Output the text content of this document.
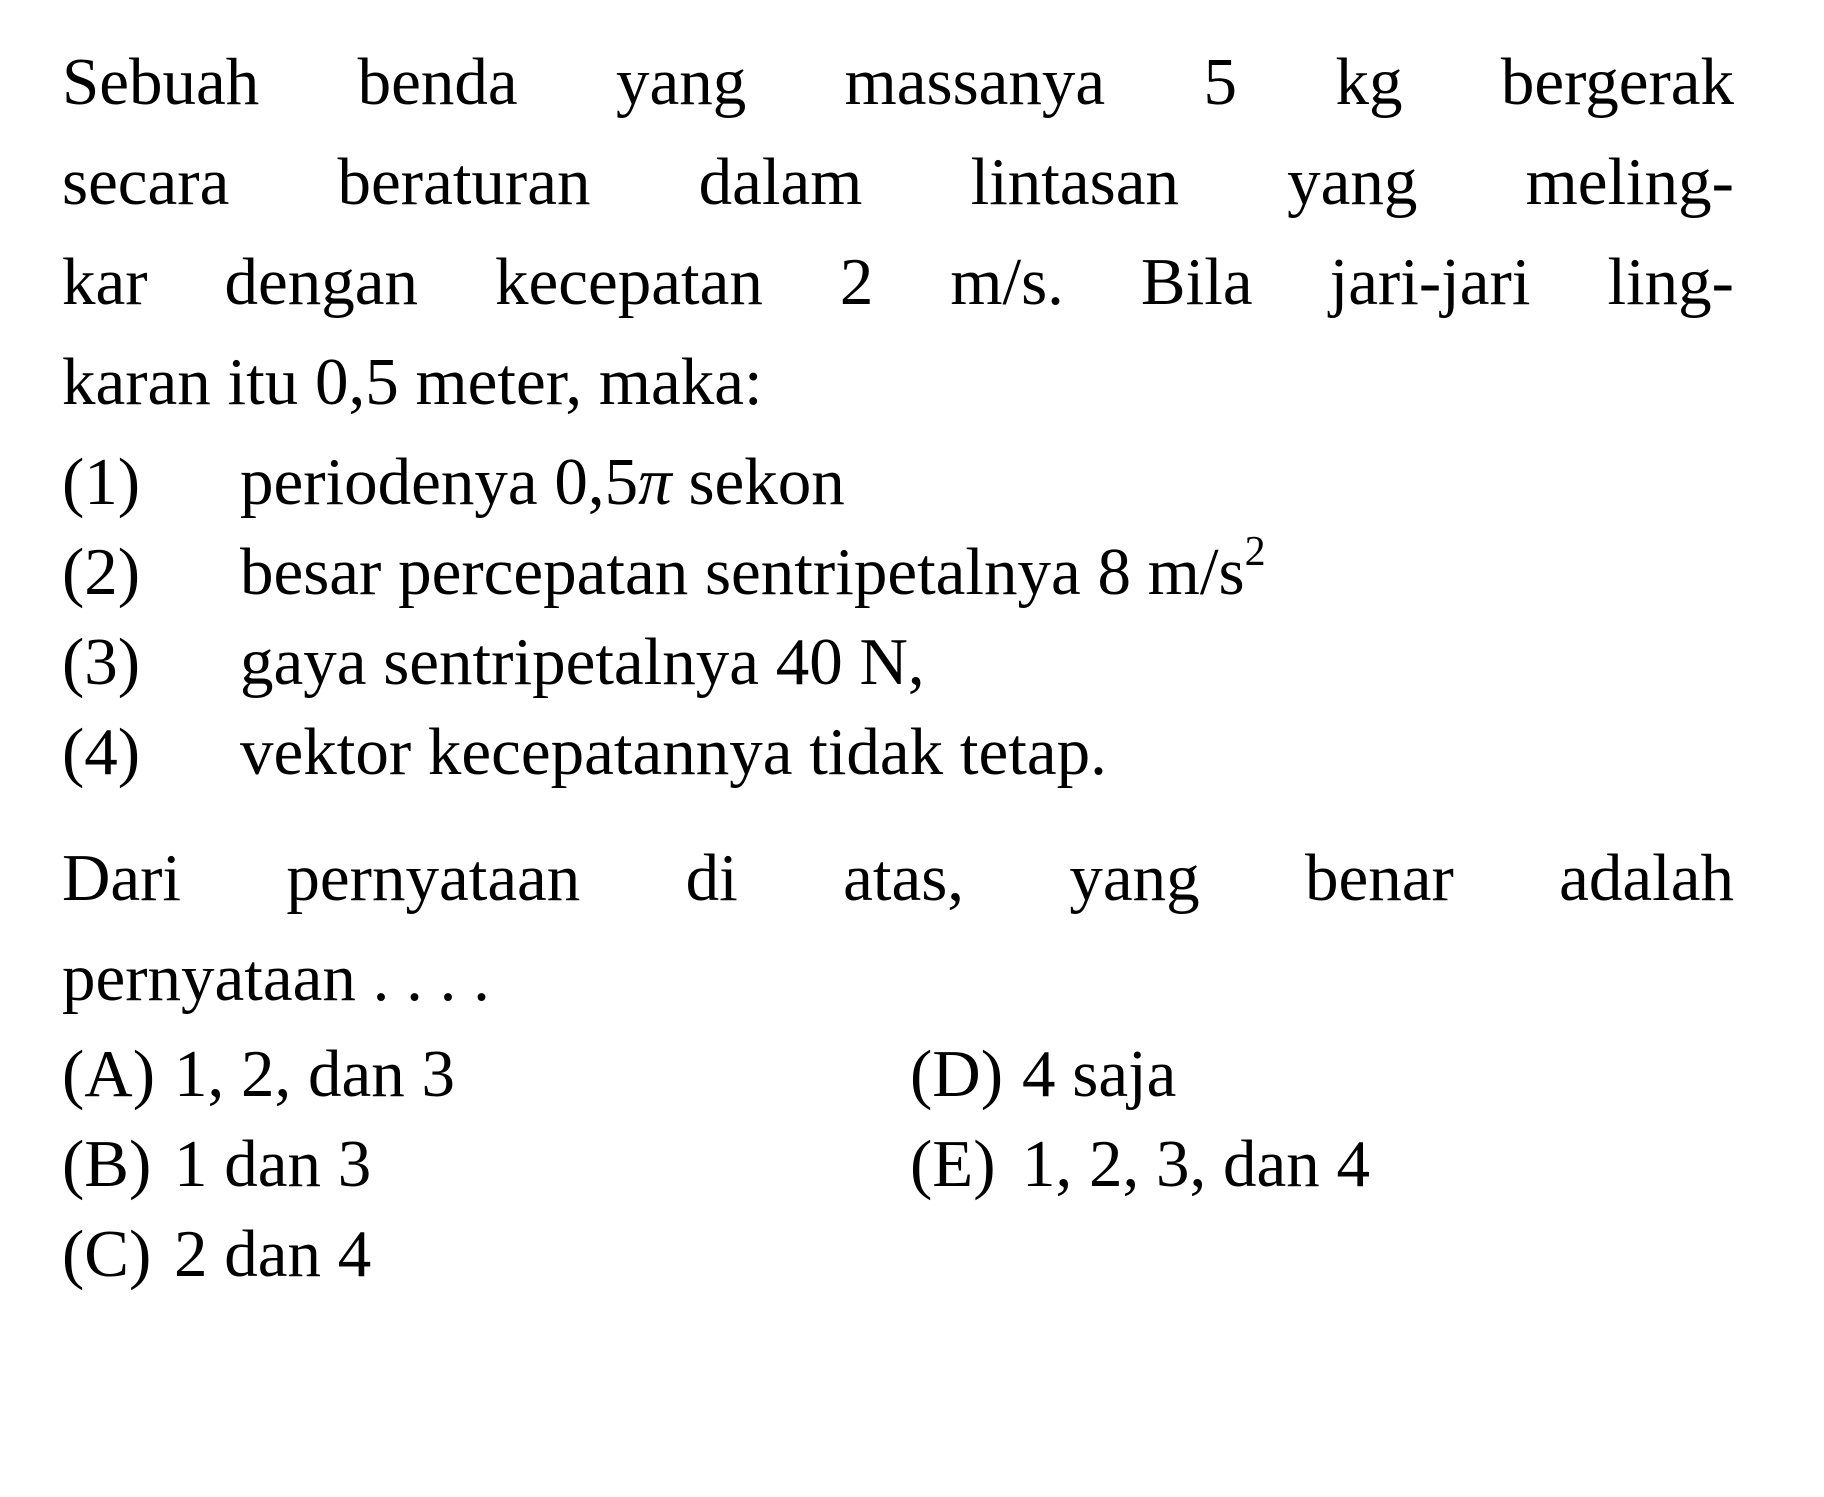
Sebuah benda yang massanya 5 kg bergerak
secara beraturan dalam lintasan yang meling-
kar dengan kecepatan 2 m/s. Bila jari-jari ling-
karan itu 0,5 meter, maka:
(1) periodenya 0,5π sekon
(2) besar percepatan sentripetalnya 8 $m/s^2$
(3) gaya sentripetalnya 40 N,
(4) vektor kecepatannya tidak tetap.
Dari pernyataan di atas, yang benar adalah
pernyataan . . . .
(A) 1, 2, dan 3
(B) 1 dan 3
(C) 2 dan 4
(D) 4 saja
(E) 1, 2, 3, dan 4
